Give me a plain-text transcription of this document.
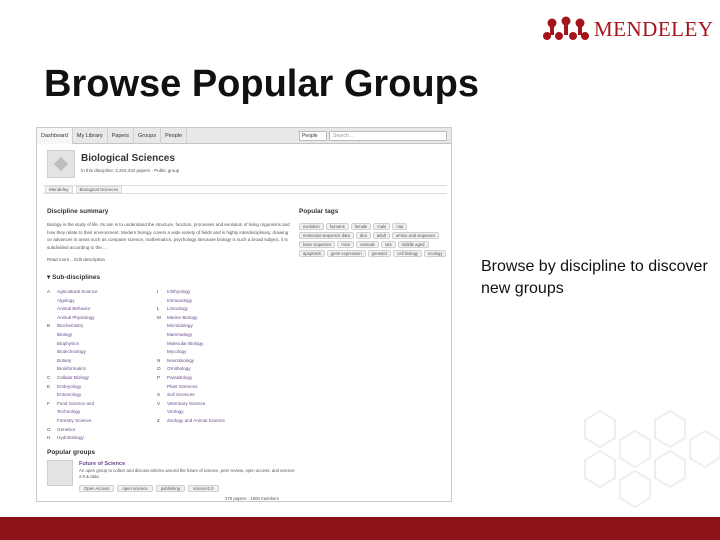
MENDELEY
Browse Popular Groups
Dashboard	My Library	Papers	Groups	People	People	Search...
Biological Sciences
In this discipline: 3,203,432 papers · Public group
Mendeley	Biological Sciences
Discipline summary
Biology is the study of life. Its aim is to understand the structure, function, processes and evolution of living organisms and how they relate to their environment. Modern biology covers a wide variety of fields and is highly interdisciplinary, drawing on advances in areas such as computer science, mathematics, psychology. Because biology is such a broad subject, it is subdivided according to the ...
Read more... Edit description
Popular tags
evolution	humans	female	male	rnai
molecular sequence data	dna	adult	amino acid sequence
base sequence	mice	animals	rats	middle aged
apoptosis	gene expression	genetics	cell biology	ecology
▾ Sub-disciplines
A Agricultural Science
Algology
Animal Behavior
Animal Physiology
B Biochemistry
Biology
Biophysics
Biotechnology
Botany
Bioinformatics
C Cellular Biology
E Embryology
Entomology
F Food Science and
Technology
Forestry Science
G Genetics
H Hydrobiology
I Ichthyology
Immunology
L Limnology
M Marine Biology
Microbiology
Mammalogy
Molecular Biology
Mycology
N Neurobiology
O Ornithology
P Parasitology
Plant Sciences
S Soil Sciences
V Veterinary Science
Virology
Z Zoology and Animal Science
Popular groups
Future of Science
An open group to collect and discuss articles around the future of science, peer review, open access, and science 2.0 & data.
Open Access	open science	publishing	science2.0
279 papers · 1000 members
Browse by discipline to discover new groups
